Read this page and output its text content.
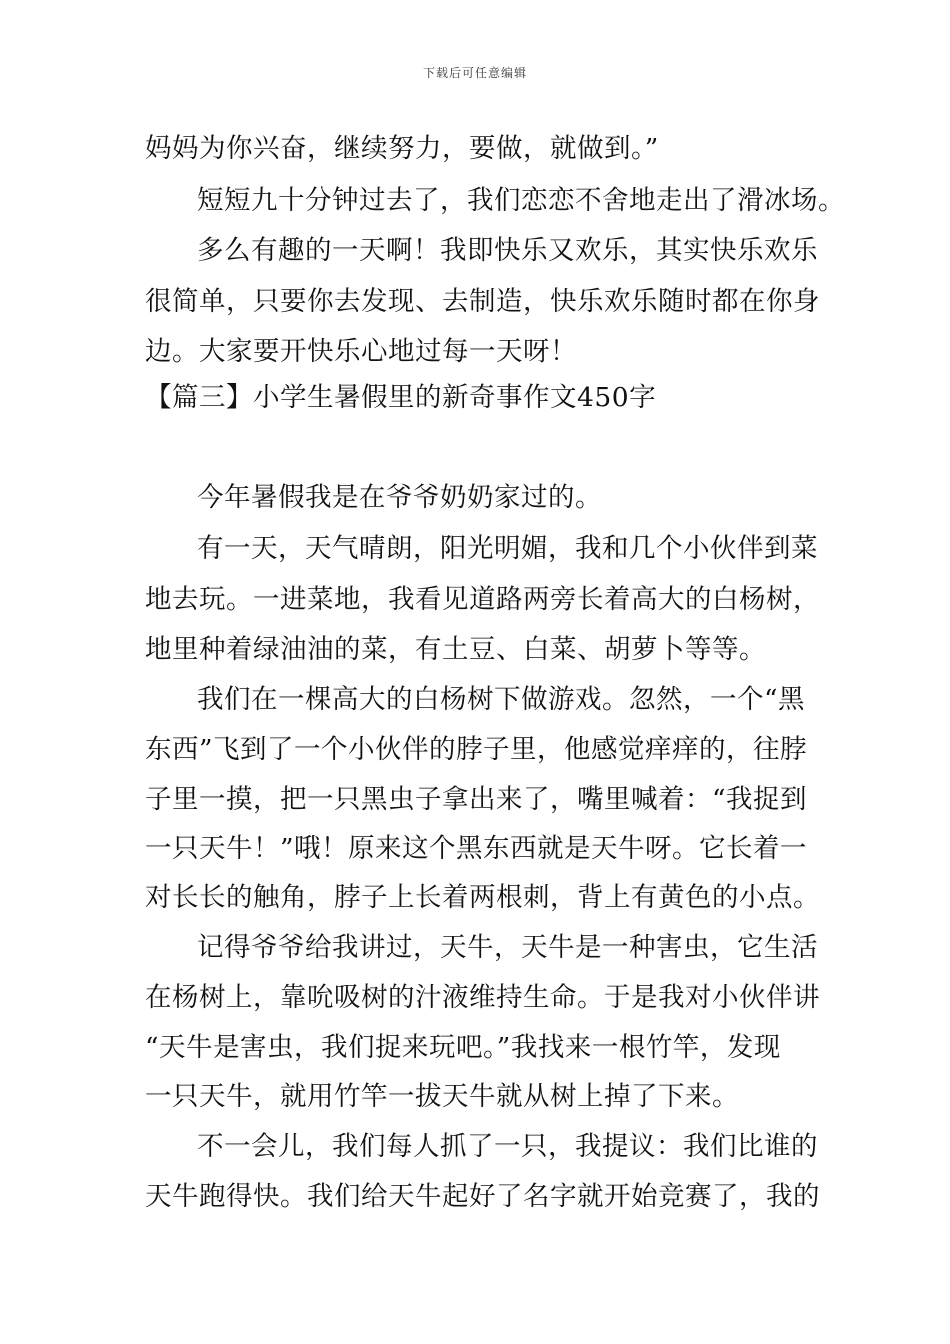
下载后可任意编辑
妈妈为你兴奋，继续努力，要做，就做到。”
短短九十分钟过去了，我们恋恋不舍地走出了滑冰场。
多么有趣的一天啊！我即快乐又欢乐，其实快乐欢乐
很简单，只要你去发现、去制造，快乐欢乐随时都在你身
边。大家要开快乐心地过每一天呀！
【篇三】小学生暑假里的新奇事作文450字
今年暑假我是在爷爷奶奶家过的。
有一天，天气晴朗，阳光明媚，我和几个小伙伴到菜
地去玩。一进菜地，我看见道路两旁长着高大的白杨树，
地里种着绿油油的菜，有土豆、白菜、胡萝卜等等。
我们在一棵高大的白杨树下做游戏。忽然，一个“黑
东西”飞到了一个小伙伴的脖子里，他感觉痒痒的，往脖
子里一摸，把一只黑虫子拿出来了，嘴里喊着：“我捉到
一只天牛！”哦！原来这个黑东西就是天牛呀。它长着一
对长长的触角，脖子上长着两根刺，背上有黄色的小点。
记得爷爷给我讲过，天牛，天牛是一种害虫，它生活
在杨树上，靠吮吸树的汁液维持生命。于是我对小伙伴讲
“天牛是害虫，我们捉来玩吧。”我找来一根竹竿，发现
一只天牛，就用竹竿一拔天牛就从树上掉了下来。
不一会儿，我们每人抓了一只，我提议：我们比谁的
天牛跑得快。我们给天牛起好了名字就开始竞赛了，我的
